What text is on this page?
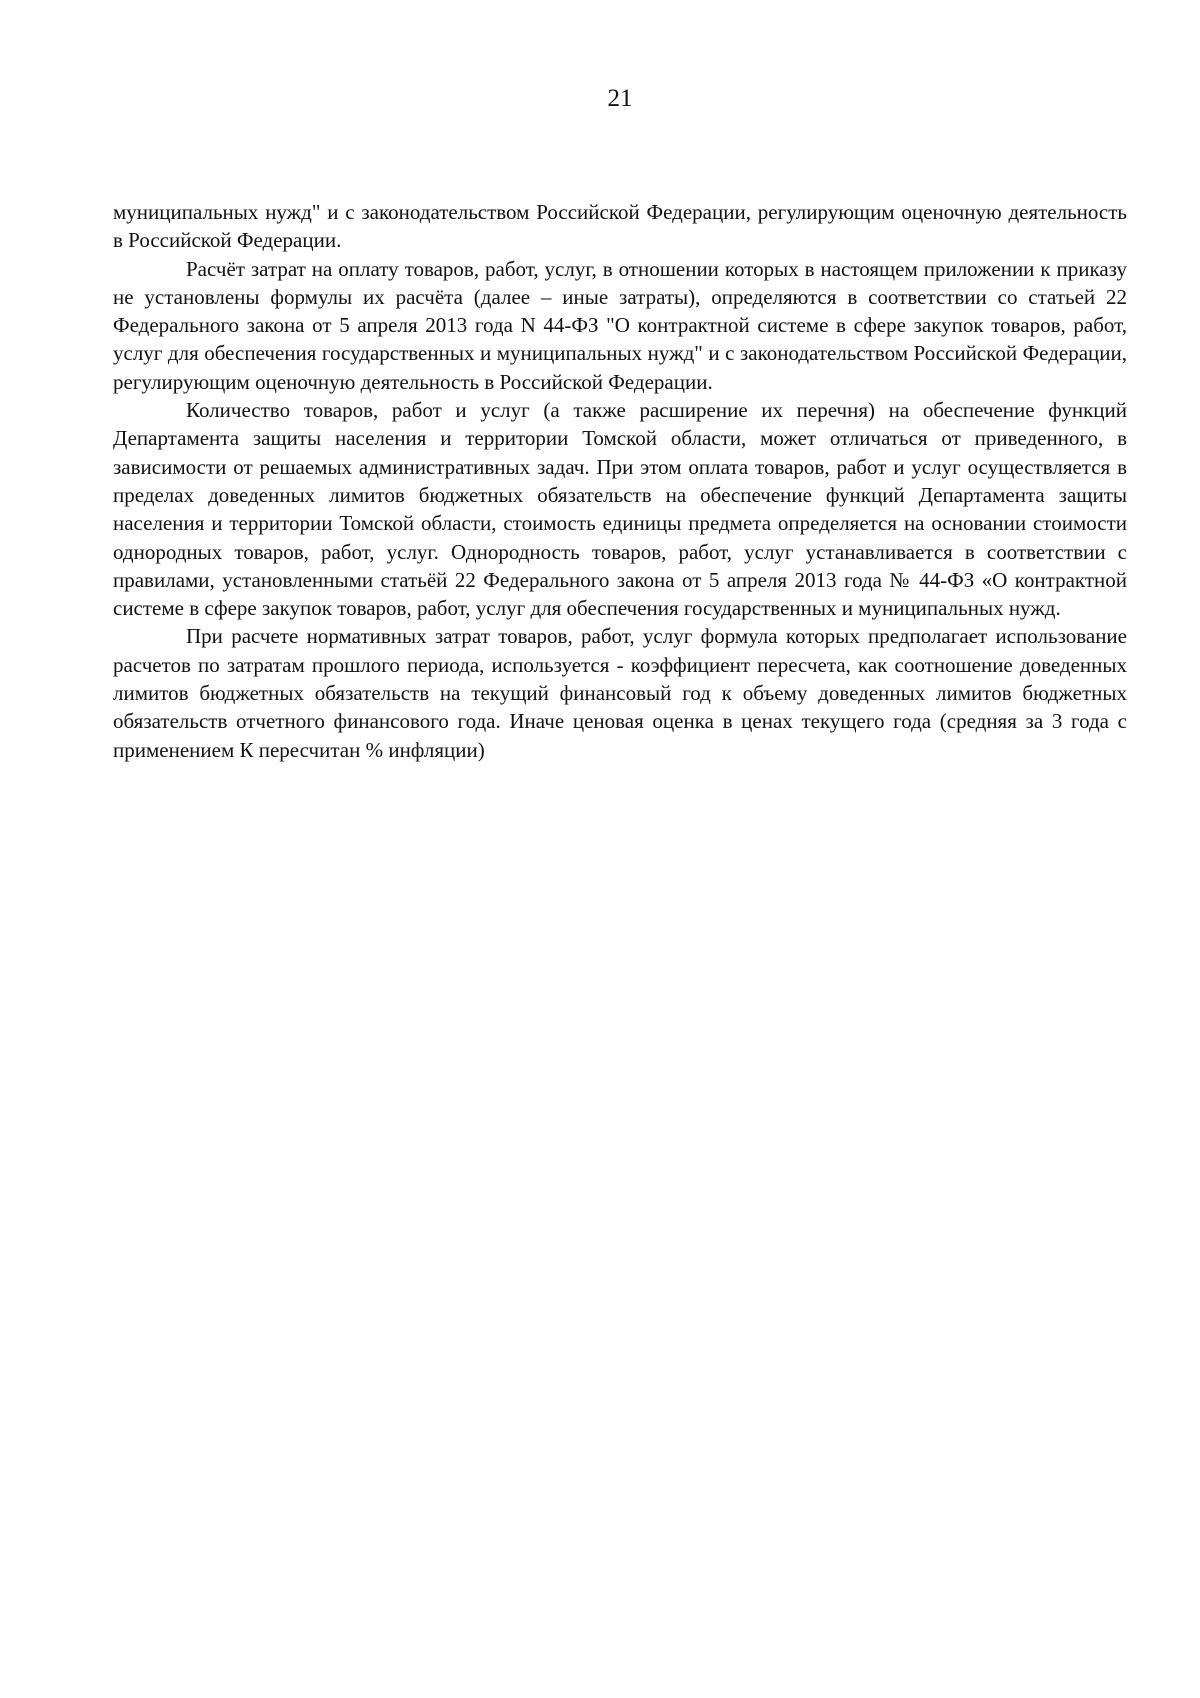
21

муниципальных нужд" и с законодательством Российской Федерации, регулирующим оценочную деятельность в Российской Федерации.

Расчёт затрат на оплату товаров, работ, услуг, в отношении которых в настоящем приложении к приказу не установлены формулы их расчёта (далее – иные затраты), определяются в соответствии со статьей 22 Федерального закона от 5 апреля 2013 года N 44-ФЗ "О контрактной системе в сфере закупок товаров, работ, услуг для обеспечения государственных и муниципальных нужд" и с законодательством Российской Федерации, регулирующим оценочную деятельность в Российской Федерации.

Количество товаров, работ и услуг (а также расширение их перечня) на обеспечение функций Департамента защиты населения и территории Томской области, может отличаться от приведенного, в зависимости от решаемых административных задач. При этом оплата товаров, работ и услуг осуществляется в пределах доведенных лимитов бюджетных обязательств на обеспечение функций Департамента защиты населения и территории Томской области, стоимость единицы предмета определяется на основании стоимости однородных товаров, работ, услуг. Однородность товаров, работ, услуг устанавливается в соответствии с правилами, установленными статьёй 22 Федерального закона от 5 апреля 2013 года № 44-ФЗ «О контрактной системе в сфере закупок товаров, работ, услуг для обеспечения государственных и муниципальных нужд.

При расчете нормативных затрат товаров, работ, услуг формула которых предполагает использование расчетов по затратам прошлого периода, используется - коэффициент пересчета, как соотношение доведенных лимитов бюджетных обязательств на текущий финансовый год к объему доведенных лимитов бюджетных обязательств отчетного финансового года. Иначе ценовая оценка в ценах текущего года (средняя за 3 года с применением К пересчитан % инфляции)
